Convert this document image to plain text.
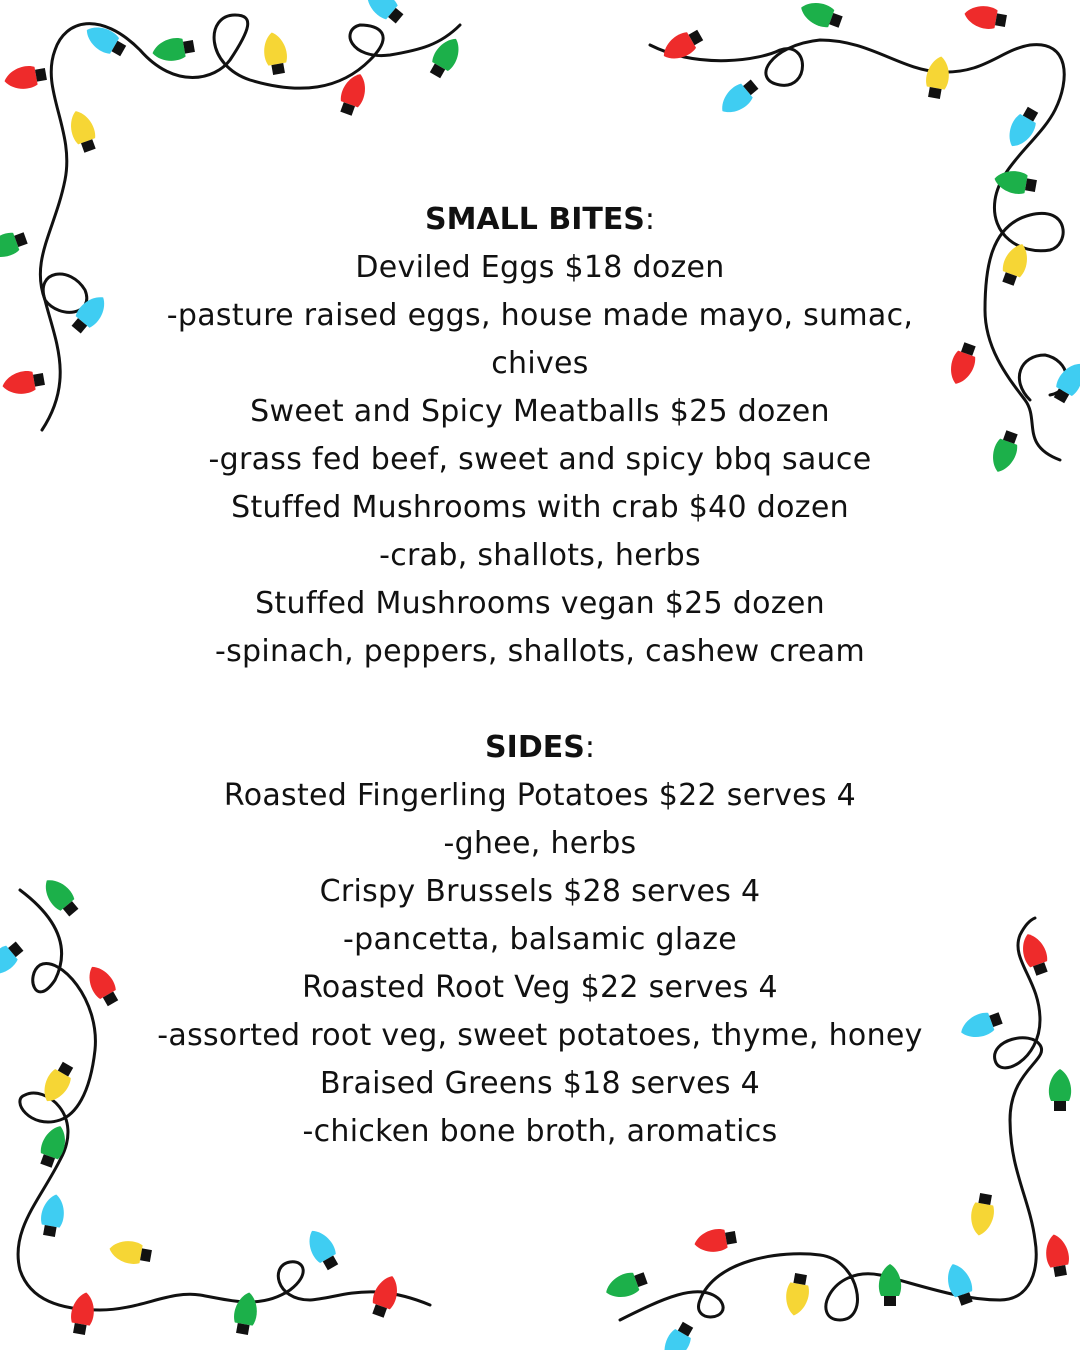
SMALL BITES:
Deviled Eggs $18 dozen
-pasture raised eggs, house made mayo, sumac, chives
Sweet and Spicy Meatballs $25 dozen
-grass fed beef, sweet and spicy bbq sauce
Stuffed Mushrooms with crab $40 dozen
-crab, shallots, herbs
Stuffed Mushrooms vegan $25 dozen
-spinach, peppers, shallots, cashew cream
SIDES:
Roasted Fingerling Potatoes $22 serves 4
-ghee, herbs
Crispy Brussels $28 serves 4
-pancetta, balsamic glaze
Roasted Root Veg $22 serves 4
-assorted root veg, sweet potatoes, thyme, honey
Braised Greens $18 serves 4
-chicken bone broth, aromatics
